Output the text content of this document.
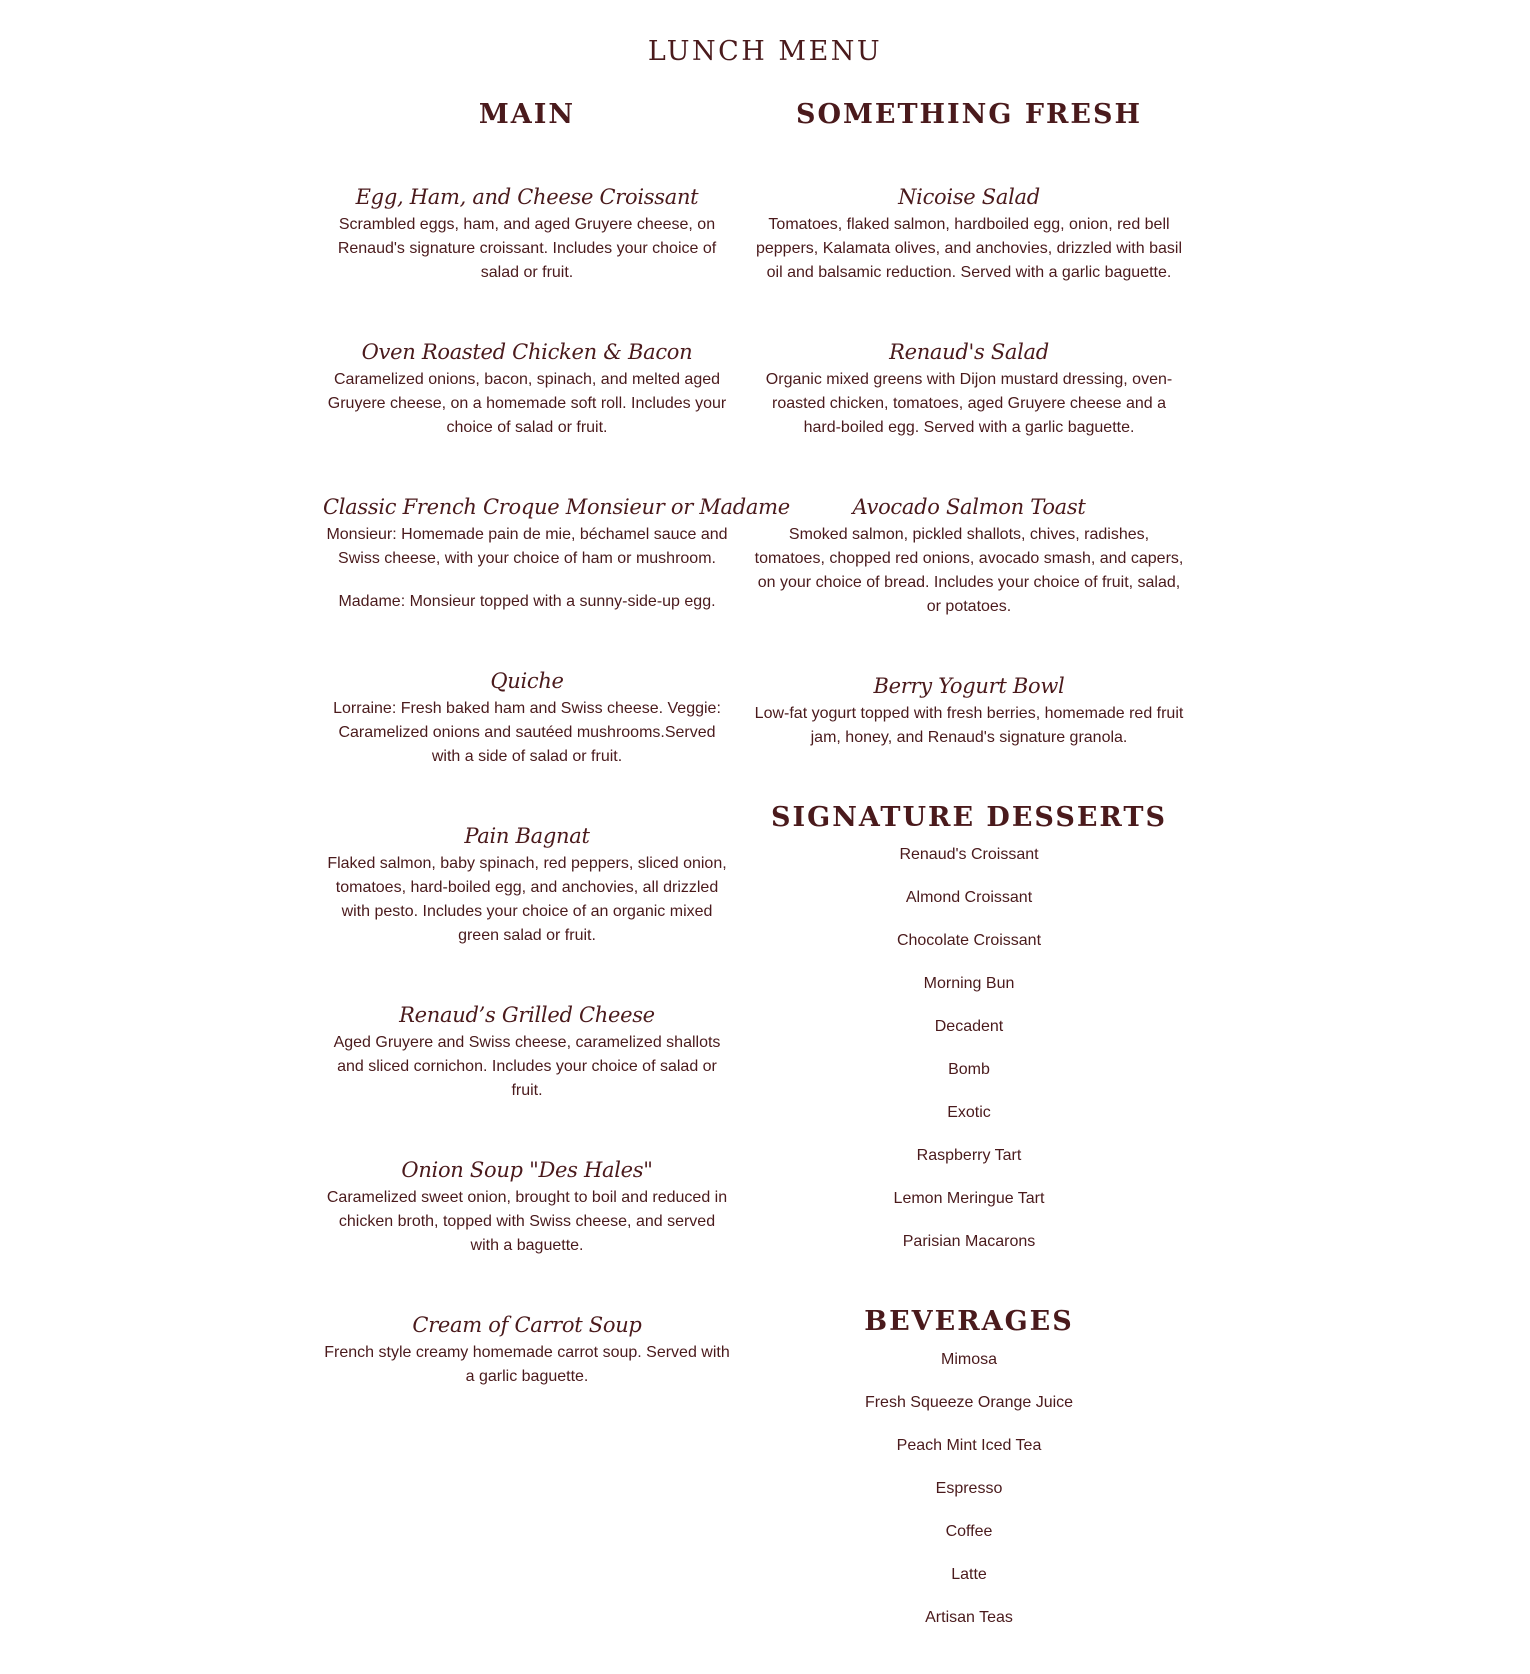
LUNCH MENU
MAIN
Egg, Ham, and Cheese Croissant

Scrambled eggs, ham, and aged Gruyere cheese, on Renaud's signature croissant. Includes your choice of salad or fruit.

Oven Roasted Chicken & Bacon

Caramelized onions, bacon, spinach, and melted aged Gruyere cheese, on a homemade soft roll. Includes your choice of salad or fruit.

Classic French Croque Monsieur or Madame

Monsieur: Homemade pain de mie, béchamel sauce and Swiss cheese, with your choice of ham or mushroom.

Madame: Monsieur topped with a sunny-side-up egg.

Quiche

Lorraine: Fresh baked ham and Swiss cheese. Veggie: Caramelized onions and sautéed mushrooms.Served with a side of salad or fruit.

Pain Bagnat

Flaked salmon, baby spinach, red peppers, sliced onion, tomatoes, hard-boiled egg, and anchovies, all drizzled with pesto. Includes your choice of an organic mixed green salad or fruit.

Renaud’s Grilled Cheese

Aged Gruyere and Swiss cheese, caramelized shallots and sliced cornichon. Includes your choice of salad or fruit.

Onion Soup "Des Hales"

Caramelized sweet onion, brought to boil and reduced in chicken broth, topped with Swiss cheese, and served with a baguette.

Cream of Carrot Soup

French style creamy homemade carrot soup. Served with a garlic baguette.

SOMETHING FRESH
Nicoise Salad

Tomatoes, flaked salmon, hardboiled egg, onion, red bell peppers, Kalamata olives, and anchovies, drizzled with basil oil and balsamic reduction. Served with a garlic baguette.

Renaud's Salad

Organic mixed greens with Dijon mustard dressing, oven-roasted chicken, tomatoes, aged Gruyere cheese and a hard-boiled egg. Served with a garlic baguette.

Avocado Salmon Toast

Smoked salmon, pickled shallots, chives, radishes, tomatoes, chopped red onions, avocado smash, and capers, on your choice of bread. Includes your choice of fruit, salad, or potatoes.

Berry Yogurt Bowl

Low-fat yogurt topped with fresh berries, homemade red fruit jam, honey, and Renaud's signature granola.

SIGNATURE DESSERTS
Renaud's Croissant
Almond Croissant
Chocolate Croissant
Morning Bun
Decadent
Bomb
Exotic
Raspberry Tart
Lemon Meringue Tart
Parisian Macarons
BEVERAGES
Mimosa
Fresh Squeeze Orange Juice
Peach Mint Iced Tea
Espresso
Coffee
Latte
Artisan Teas
